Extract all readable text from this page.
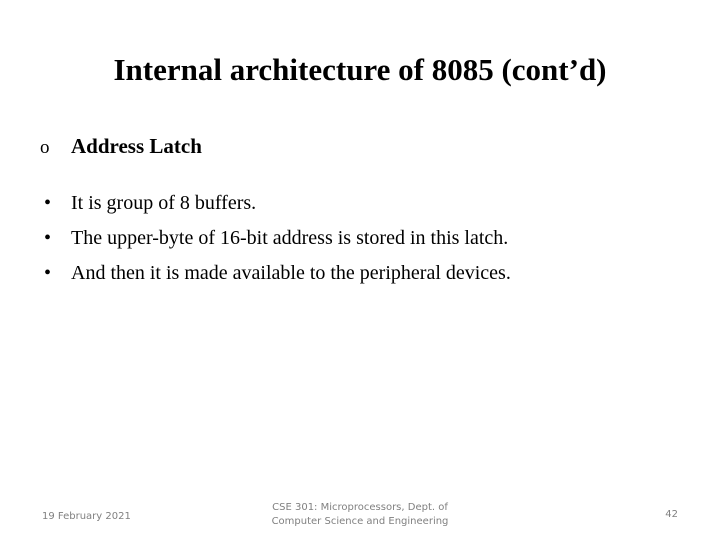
Internal architecture of 8085 (cont’d)
o	Address Latch
• It is group of 8 buffers.
• The upper-byte of 16-bit address is stored in this latch.
• And then it is made available to the peripheral devices.
19 February 2021
CSE 301: Microprocessors, Dept. of
Computer Science and Engineering
42
